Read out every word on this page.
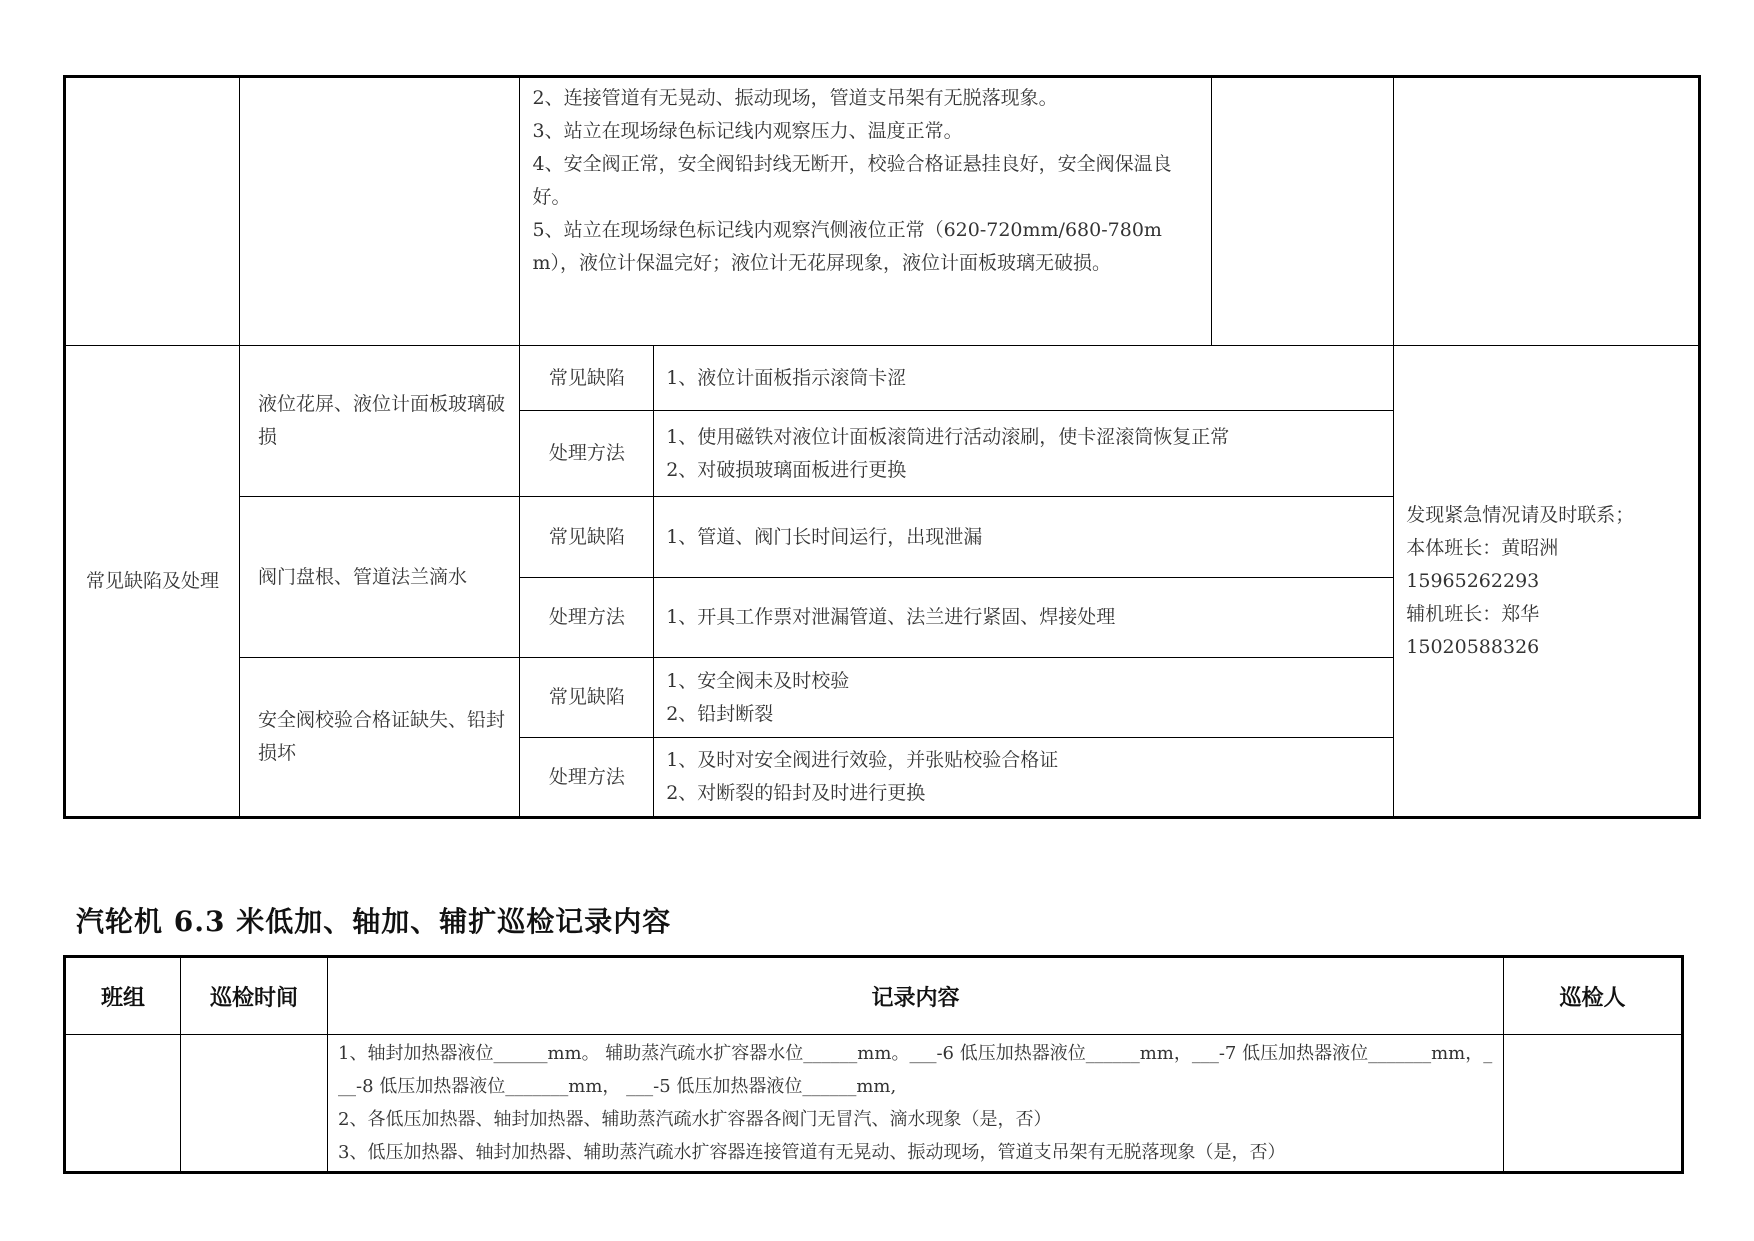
		2、连接管道有无晃动、振动现场，管道支吊架有无脱落现象。
3、站立在现场绿色标记线内观察压力、温度正常。
4、安全阀正常，安全阀铅封线无断开，校验合格证悬挂良好，安全阀保温良好。
5、站立在现场绿色标记线内观察汽侧液位正常（620-720mm/680-780mm），液位计保温完好；液位计无花屏现象，液位计面板玻璃无破损。			

常见缺陷及处理	液位花屏、液位计面板玻璃破损	常见缺陷	1、液位计面板指示滚筒卡涩		发现紧急情况请及时联系；
本体班长：黄昭洲
15965262293
辅机班长：郑华
15020588326

		处理方法	1、使用磁铁对液位计面板滚筒进行活动滚刷，使卡涩滚筒恢复正常
2、对破损玻璃面板进行更换		

	阀门盘根、管道法兰滴水	常见缺陷	1、管道、阀门长时间运行，出现泄漏		

		处理方法	1、开具工作票对泄漏管道、法兰进行紧固、焊接处理		

	安全阀校验合格证缺失、铅封损坏	常见缺陷	1、安全阀未及时校验
2、铅封断裂		

		处理方法	1、及时对安全阀进行效验，并张贴校验合格证
2、对断裂的铅封及时进行更换		
汽轮机 6.3 米低加、轴加、辅扩巡检记录内容
班组	巡检时间	记录内容	巡检人

		1、轴封加热器液位______mm。 辅助蒸汽疏水扩容器水位______mm。___-6 低压加热器液位______mm，___-7 低压加热器液位_______mm，___-8 低压加热器液位_______mm， ___-5 低压加热器液位______mm,
2、各低压加热器、轴封加热器、辅助蒸汽疏水扩容器各阀门无冒汽、滴水现象（是，否）
3、低压加热器、轴封加热器、辅助蒸汽疏水扩容器连接管道有无晃动、振动现场，管道支吊架有无脱落现象（是，否）	
